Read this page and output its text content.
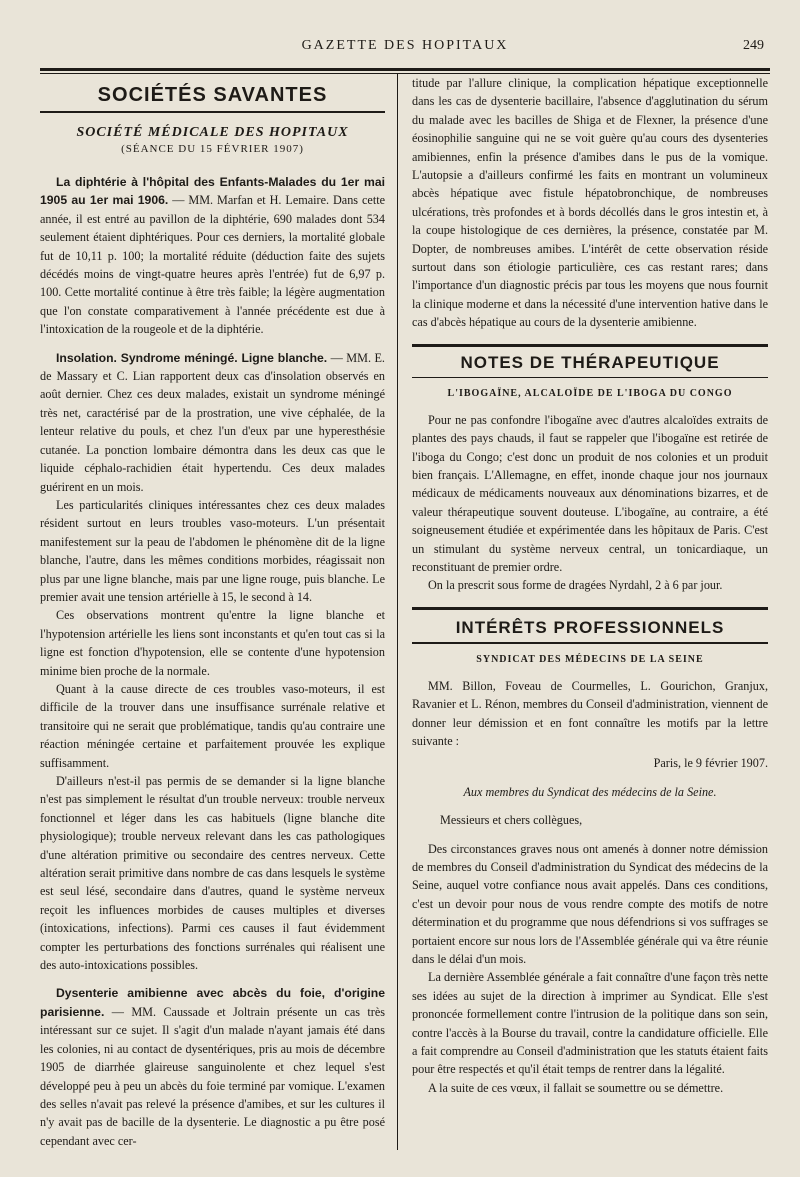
GAZETTE DES HOPITAUX	249
SOCIÉTÉS SAVANTES
SOCIÉTÉ MÉDICALE DES HOPITAUX
(SÉANCE DU 15 FÉVRIER 1907)

La diphtérie à l'hôpital des Enfants-Malades du 1er mai 1905 au 1er mai 1906. — MM. Marfan et H. Lemaire. Dans cette année, il est entré au pavillon de la diphtérie, 690 malades dont 534 seulement étaient diphtériques. Pour ces derniers, la mortalité globale fut de 10,11 p. 100; la mortalité réduite (déduction faite des sujets décédés moins de vingt-quatre heures après l'entrée) fut de 6,97 p. 100. Cette mortalité continue à être très faible; la légère augmentation que l'on constate comparativement à l'année précédente est due à l'intoxication de la rougeole et de la diphtérie.

Insolation. Syndrome méningé. Ligne blanche. — MM. E. de Massary et C. Lian rapportent deux cas d'insolation observés en août dernier. Chez ces deux malades, existait un syndrome méningé très net, caractérisé par de la prostration, une vive céphalée, de la lenteur relative du pouls, et chez l'un d'eux par une hyperesthésie cutanée. La ponction lombaire démontra dans les deux cas que le liquide céphalo-rachidien était hypertendu. Ces deux malades guérirent en un mois.

Les particularités cliniques intéressantes chez ces deux malades résident surtout en leurs troubles vaso-moteurs. L'un présentait manifestement sur la peau de l'abdomen le phénomène dit de la ligne blanche, l'autre, dans les mêmes conditions morbides, réagissait non plus par une ligne blanche, mais par une ligne rouge, puis blanche. Le premier avait une tension artérielle à 15, le second à 14.

Ces observations montrent qu'entre la ligne blanche et l'hypotension artérielle les liens sont inconstants et qu'en tout cas si la ligne est fonction d'hypotension, elle se contente d'une hypotension minime bien proche de la normale.

Quant à la cause directe de ces troubles vaso-moteurs, il est difficile de la trouver dans une insuffisance surrénale relative et transitoire qui ne serait que problématique, tandis qu'au contraire une réaction méningée certaine et parfaitement prouvée les explique suffisamment.

D'ailleurs n'est-il pas permis de se demander si la ligne blanche n'est pas simplement le résultat d'un trouble nerveux: trouble nerveux fonctionnel et léger dans les cas habituels (ligne blanche dite physiologique); trouble nerveux relevant dans les cas pathologiques d'une altération primitive ou secondaire des centres nerveux. Cette altération serait primitive dans nombre de cas dans lesquels le système est seul lésé, secondaire dans d'autres, quand le système nerveux reçoit les influences morbides de causes multiples et diverses (intoxications, infections). Parmi ces causes il faut évidemment compter les perturbations des fonctions surrénales qui réalisent une des auto-intoxications possibles.

Dysenterie amibienne avec abcès du foie, d'origine parisienne. — MM. Caussade et Joltrain présente un cas très intéressant sur ce sujet. Il s'agit d'un malade n'ayant jamais été dans les colonies, ni au contact de dysentériques, pris au mois de décembre 1905 de diarrhée glaireuse sanguinolente et chez lequel s'est développé peu à peu un abcès du foie terminé par vomique. L'examen des selles n'avait pas relevé la présence d'amibes, et sur les cultures il n'y avait pas de bacille de la dysenterie. Le diagnostic a pu être posé cependant avec cer-

titude par l'allure clinique, la complication hépatique exceptionnelle dans les cas de dysenterie bacillaire, l'absence d'agglutination du sérum du malade avec les bacilles de Shiga et de Flexner, la présence d'une éosinophilie sanguine qui ne se voit guère qu'au cours des dysenteries amibiennes, enfin la présence d'amibes dans le pus de la vomique. L'autopsie a d'ailleurs confirmé les faits en montrant un volumineux abcès hépatique avec fistule hépatobronchique, de nombreuses ulcérations, très profondes et à bords décollés dans le gros intestin et, à la coupe histologique de ces dernières, la présence, constatée par M. Dopter, de nombreuses amibes. L'intérêt de cette observation réside surtout dans son étiologie particulière, ces cas restant rares; dans l'importance d'un diagnostic précis par tous les moyens que nous fournit la clinique moderne et dans la nécessité d'une intervention hative dans le cas d'abcès hépatique au cours de la dysenterie amibienne.

NOTES DE THÉRAPEUTIQUE
L'IBOGAÏNE, ALCALOÏDE DE L'IBOGA DU CONGO

Pour ne pas confondre l'ibogaïne avec d'autres alcaloïdes extraits de plantes des pays chauds, il faut se rappeler que l'ibogaïne est retirée de l'iboga du Congo; c'est donc un produit de nos colonies et un produit bien français. L'Allemagne, en effet, inonde chaque jour nos journaux médicaux de médicaments nouveaux aux dénominations bizarres, et de valeur thérapeutique souvent douteuse. L'ibogaïne, au contraire, a été soigneusement étudiée et expérimentée dans les hôpitaux de Paris. C'est un stimulant du système nerveux central, un tonicardiaque, un reconstituant de premier ordre.

On la prescrit sous forme de dragées Nyrdahl, 2 à 6 par jour.

INTÉRÊTS PROFESSIONNELS
SYNDICAT DES MÉDECINS DE LA SEINE

MM. Billon, Foveau de Courmelles, L. Gourichon, Granjux, Ravanier et L. Rénon, membres du Conseil d'administration, viennent de donner leur démission et en font connaître les motifs par la lettre suivante :

Paris, le 9 février 1907.

Aux membres du Syndicat des médecins de la Seine.

Messieurs et chers collègues,

Des circonstances graves nous ont amenés à donner notre démission de membres du Conseil d'administration du Syndicat des médecins de la Seine, auquel votre confiance nous avait appelés. Dans ces conditions, c'est un devoir pour nous de vous rendre compte des motifs de notre détermination et du programme que nous défendrions si vos suffrages se portaient encore sur nous lors de l'Assemblée générale qui va être réunie dans le délai d'un mois.

La dernière Assemblée générale a fait connaître d'une façon très nette ses idées au sujet de la direction à imprimer au Syndicat. Elle s'est prononcée formellement contre l'intrusion de la politique dans son sein, contre l'accès à la Bourse du travail, contre la candidature officielle. Elle a fait comprendre au Conseil d'administration que les statuts étaient faits pour être respectés et qu'il était temps de rentrer dans la légalité.

A la suite de ces vœux, il fallait se soumettre ou se démettre.
